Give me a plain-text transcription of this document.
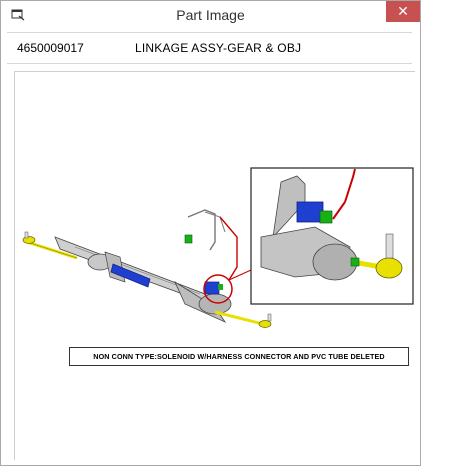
Part Image	✕
4650009017	LINKAGE ASSY-GEAR & OBJ
NON CONN TYPE:SOLENOID W/HARNESS CONNECTOR AND PVC TUBE DELETED
